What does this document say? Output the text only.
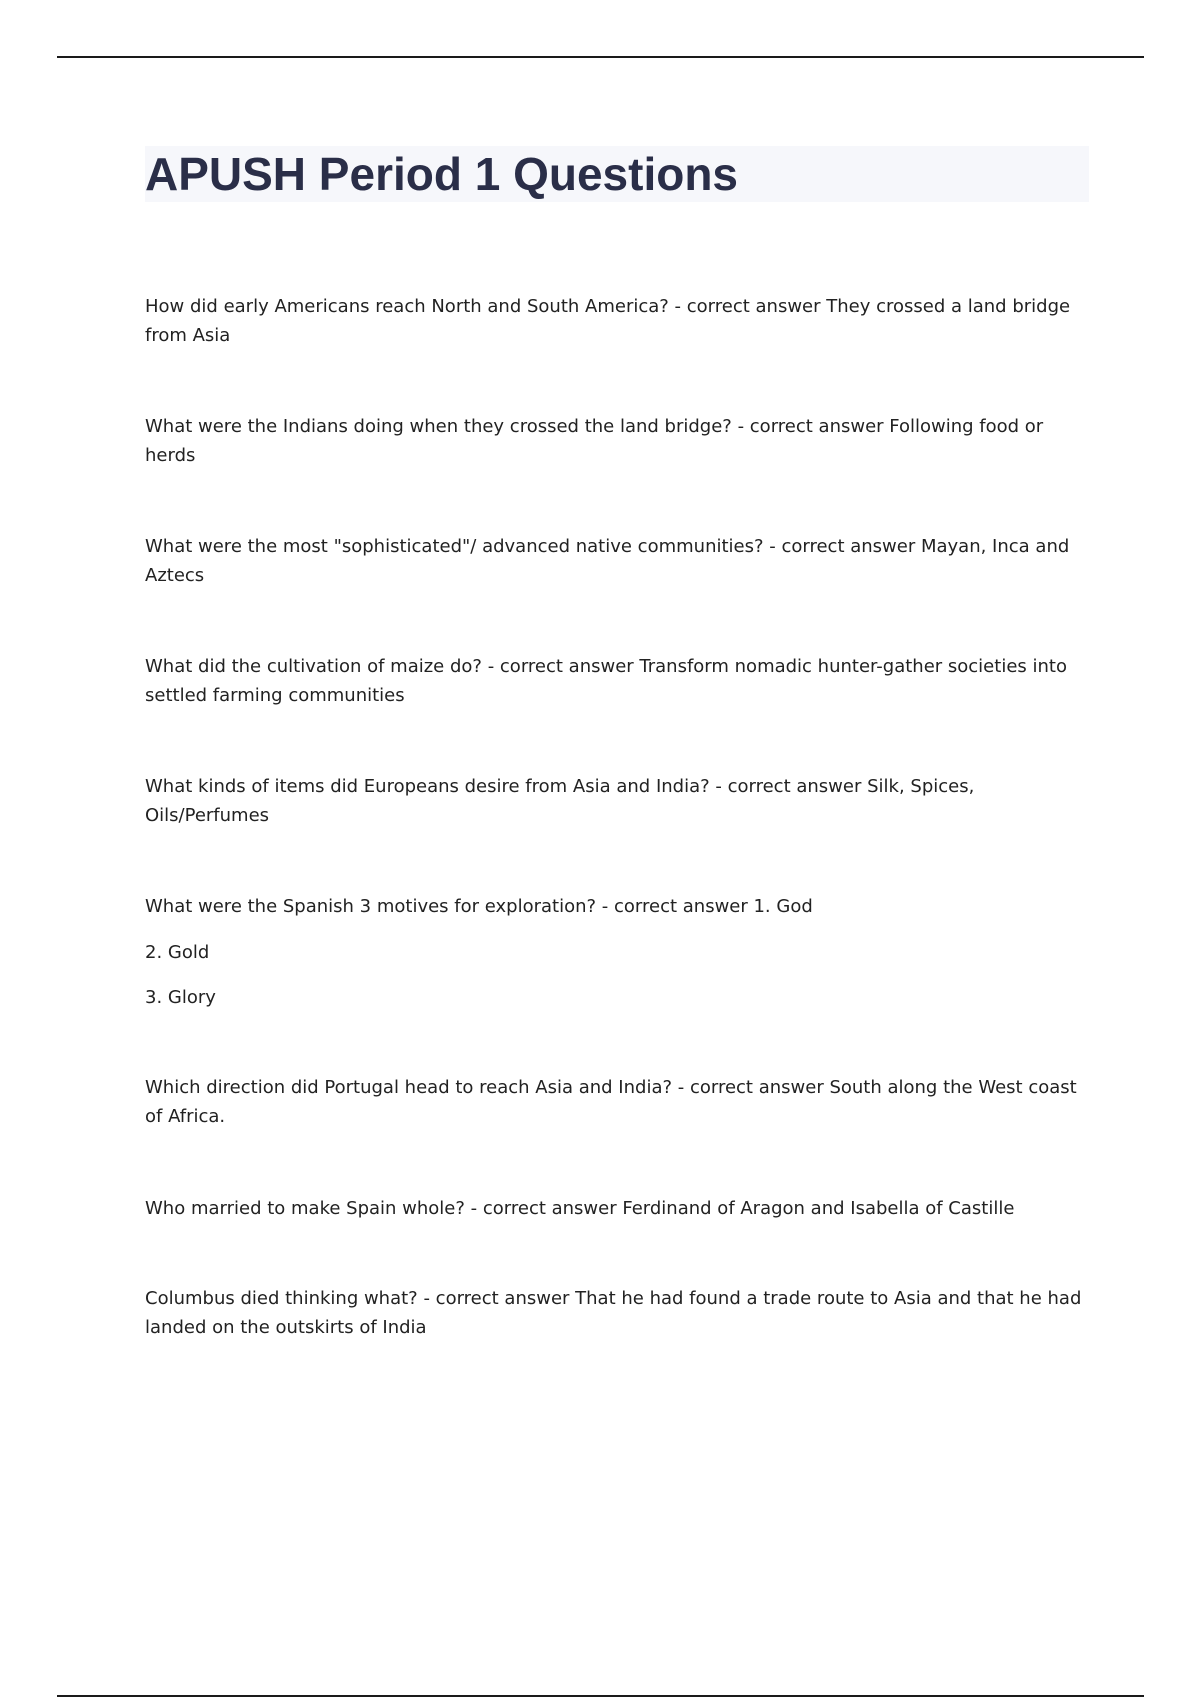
APUSH Period 1 Questions

How did early Americans reach North and South America? - correct answer They crossed a land bridge from Asia

What were the Indians doing when they crossed the land bridge? - correct answer Following food or herds

What were the most "sophisticated"/ advanced native communities? - correct answer Mayan, Inca and Aztecs

What did the cultivation of maize do? - correct answer Transform nomadic hunter-gather societies into settled farming communities

What kinds of items did Europeans desire from Asia and India? - correct answer Silk, Spices, Oils/Perfumes

What were the Spanish 3 motives for exploration? - correct answer 1. God

2. Gold

3. Glory

Which direction did Portugal head to reach Asia and India? - correct answer South along the West coast of Africa.

Who married to make Spain whole? - correct answer Ferdinand of Aragon and Isabella of Castille

Columbus died thinking what? - correct answer That he had found a trade route to Asia and that he had landed on the outskirts of India
